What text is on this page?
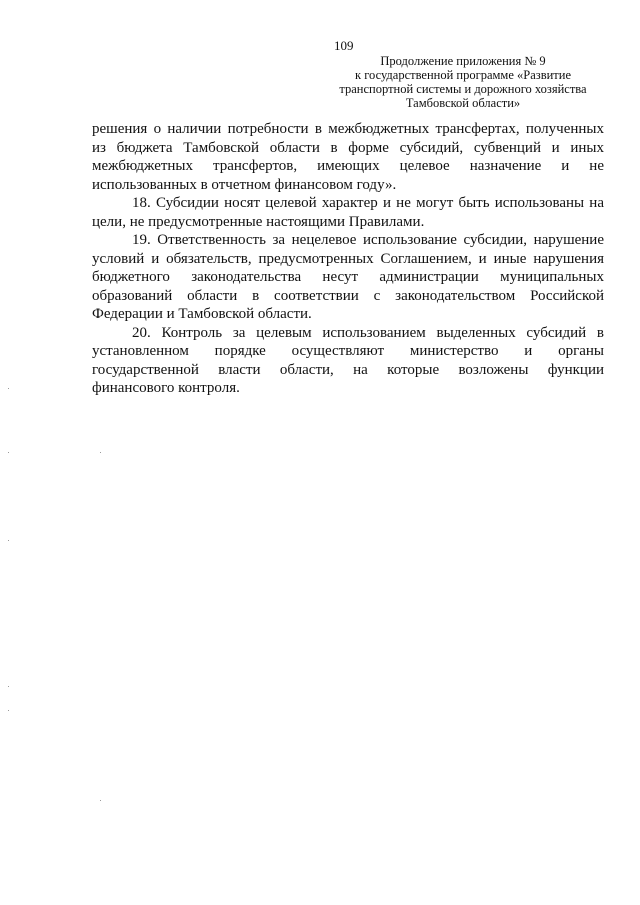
109
Продолжение приложения № 9
к государственной программе «Развитие
транспортной системы и дорожного хозяйства
Тамбовской области»

решения о наличии потребности в межбюджетных трансфертах, полученных
из бюджета Тамбовской области в форме субсидий, субвенций и иных
межбюджетных трансфертов, имеющих целевое назначение и не
использованных в отчетном финансовом году».

18. Субсидии носят целевой характер и не могут быть использованы на
цели, не предусмотренные настоящими Правилами.

19. Ответственность за нецелевое использование субсидии, нарушение
условий и обязательств, предусмотренных Соглашением, и иные нарушения
бюджетного законодательства несут администрации муниципальных
образований области в соответствии с законодательством Российской
Федерации и Тамбовской области.

20. Контроль за целевым использованием выделенных субсидий в
установленном порядке осуществляют министерство и органы
государственной власти области, на которые возложены функции
финансового контроля.
